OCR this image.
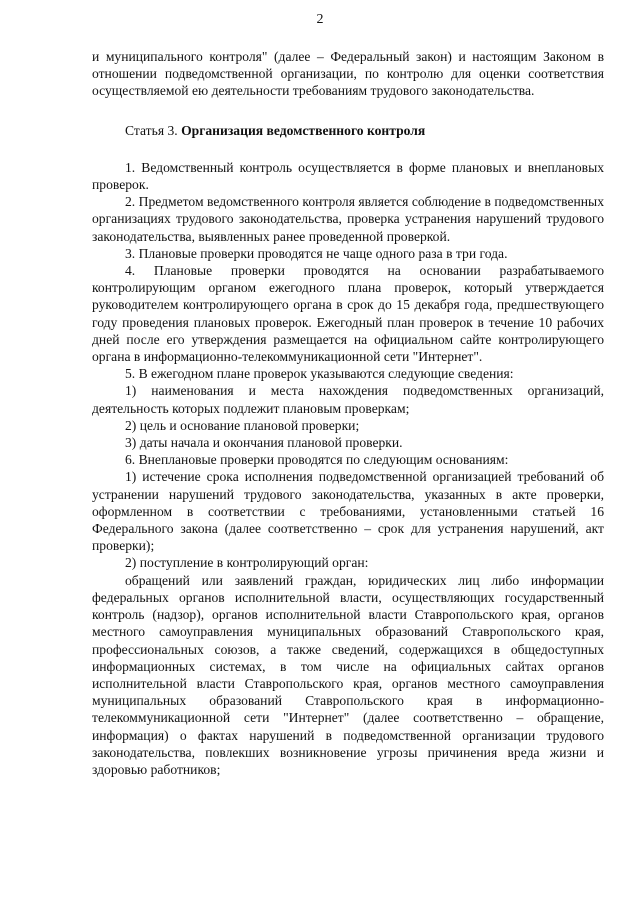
2

и муниципального контроля" (далее – Федеральный закон) и настоящим Законом в отношении подведомственной организации, по контролю для оценки соответствия осуществляемой ею деятельности требованиям трудового законодательства.

Статья 3. Организация ведомственного контроля

1. Ведомственный контроль осуществляется в форме плановых и внеплановых проверок.

2. Предметом ведомственного контроля является соблюдение в подведомственных организациях трудового законодательства, проверка устранения нарушений трудового законодательства, выявленных ранее проведенной проверкой.

3. Плановые проверки проводятся не чаще одного раза в три года.

4. Плановые проверки проводятся на основании разрабатываемого контролирующим органом ежегодного плана проверок, который утверждается руководителем контролирующего органа в срок до 15 декабря года, предшествующего году проведения плановых проверок. Ежегодный план проверок в течение 10 рабочих дней после его утверждения размещается на официальном сайте контролирующего органа в информационно-телекоммуникационной сети "Интернет".

5. В ежегодном плане проверок указываются следующие сведения:

1) наименования и места нахождения подведомственных организаций, деятельность которых подлежит плановым проверкам;

2) цель и основание плановой проверки;

3) даты начала и окончания плановой проверки.

6. Внеплановые проверки проводятся по следующим основаниям:

1) истечение срока исполнения подведомственной организацией требований об устранении нарушений трудового законодательства, указанных в акте проверки, оформленном в соответствии с требованиями, установленными статьей 16 Федерального закона (далее соответственно – срок для устранения нарушений, акт проверки);

2) поступление в контролирующий орган:

обращений или заявлений граждан, юридических лиц либо информации федеральных органов исполнительной власти, осуществляющих государственный контроль (надзор), органов исполнительной власти Ставропольского края, органов местного самоуправления муниципальных образований Ставропольского края, профессиональных союзов, а также сведений, содержащихся в общедоступных информационных системах, в том числе на официальных сайтах органов исполнительной власти Ставропольского края, органов местного самоуправления муниципальных образований Ставропольского края в информационно-телекоммуникационной сети "Интернет" (далее соответственно – обращение, информация) о фактах нарушений в подведомственной организации трудового законодательства, повлекших возникновение угрозы причинения вреда жизни и здоровью работников;
